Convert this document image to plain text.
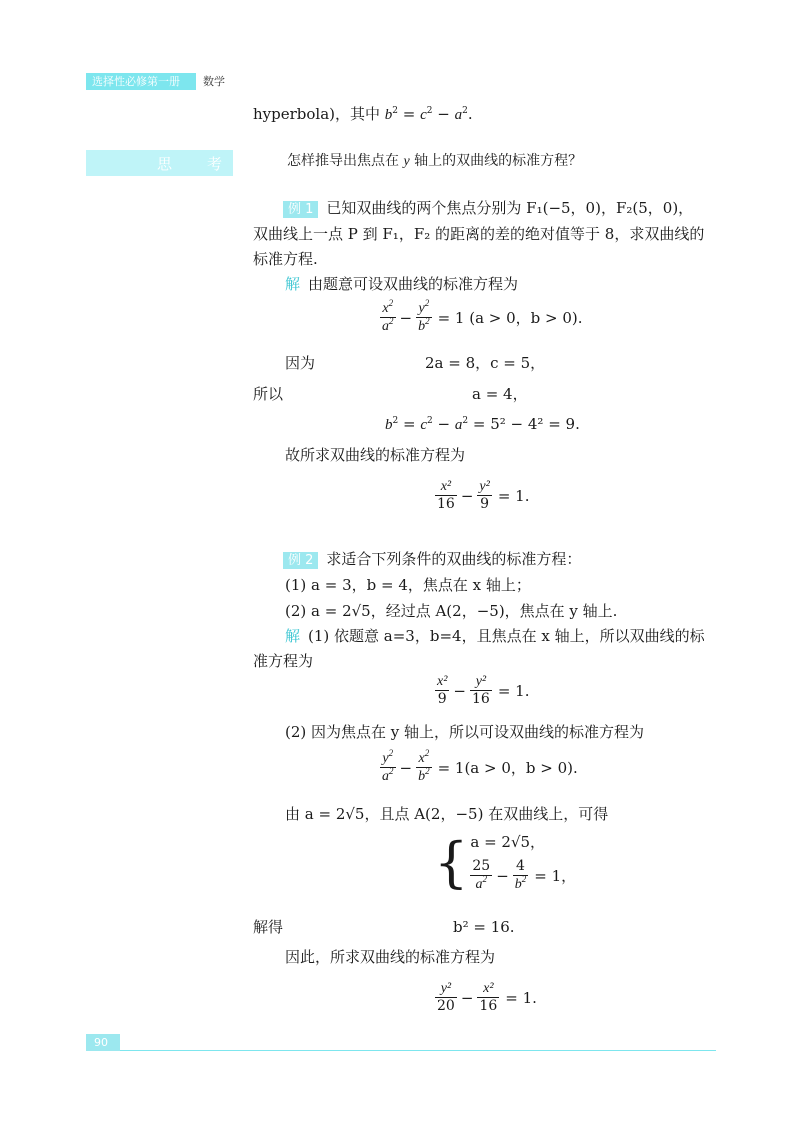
选择性必修第一册	数学
hyperbola)，其中 $b^2 = c^2 - a^2$.
思 考	怎样推导出焦点在 y 轴上的双曲线的标准方程？
例 1 已知双曲线的两个焦点分别为 F₁(−5，0)，F₂(5，0)，
双曲线上一点 P 到 F₁，F₂ 的距离的差的绝对值等于 8，求双曲线的
标准方程.
解 由题意可设双曲线的标准方程为
$\frac{x^2}{a^2} - \frac{y^2}{b^2} = 1$ (a > 0，b > 0).
因为	2a = 8，c = 5，
所以	a = 4，
$b^2 = c^2 - a^2 = 5^2 - 4^2 = 9$.
故所求双曲线的标准方程为
$\frac{\text{x²}}{16} - \frac{\text{y²}}{9} = 1$.
例 2 求适合下列条件的双曲线的标准方程：
(1) a = 3，b = 4，焦点在 x 轴上；
(2) a = 2√5，经过点 A(2，−5)，焦点在 y 轴上.
解 (1) 依题意 a=3，b=4，且焦点在 x 轴上，所以双曲线的标
准方程为
$\frac{\text{x²}}{9} - \frac{\text{y²}}{16} = 1$.
(2) 因为焦点在 y 轴上，所以可设双曲线的标准方程为
$\frac{y^2}{a^2} - \frac{x^2}{b^2} = 1(a > 0$，b > 0).
由 a = 2√5，且点 A(2，−5) 在双曲线上，可得
{ a = 2√5，
$\frac{25}{a^2} - \frac{4}{b^2} = 1$，
解得	b² = 16.
因此，所求双曲线的标准方程为
$\frac{\text{y²}}{20} - \frac{\text{x²}}{16} = 1$.
90
